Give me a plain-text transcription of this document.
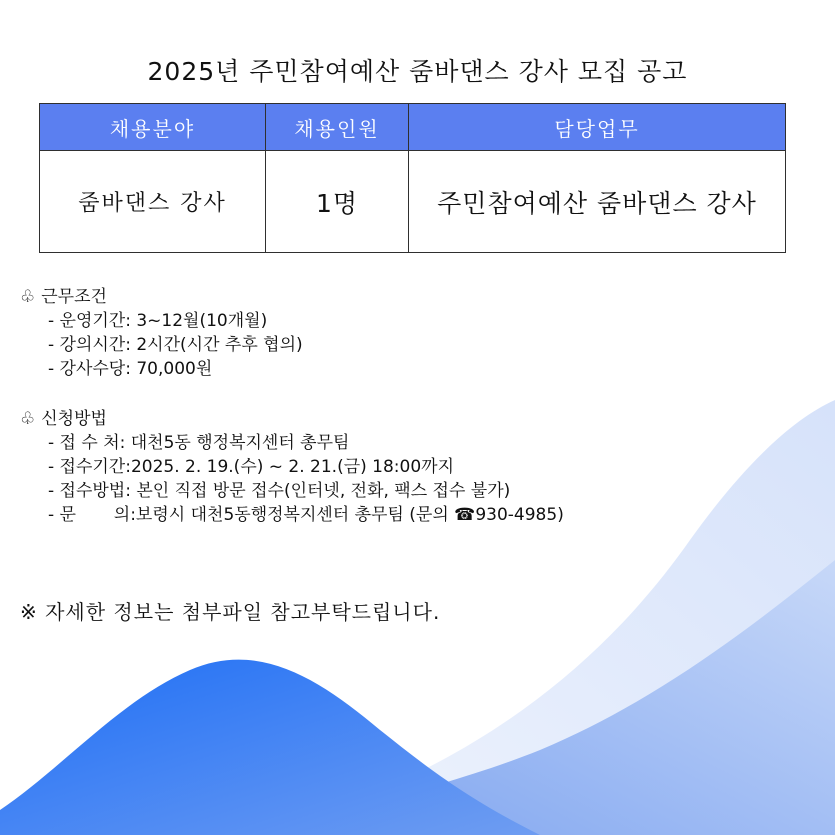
2025년 주민참여예산 줌바댄스 강사 모집 공고
채용분야	채용인원	담당업무
줌바댄스 강사	1명	주민참여예산 줌바댄스 강사
♧ 근무조건
- 운영기간: 3~12월(10개월)
- 강의시간: 2시간(시간 추후 협의)
- 강사수당: 70,000원
♧ 신청방법
- 접 수 처: 대천5동 행정복지센터 총무팀
- 접수기간:2025. 2. 19.(수) ~ 2. 21.(금) 18:00까지
- 접수방법: 본인 직접 방문 접수(인터넷, 전화, 팩스 접수 불가)
- 문       의:보령시 대천5동행정복지센터 총무팀 (문의 ☎930-4985)
※ 자세한 정보는 첨부파일 참고부탁드립니다.
